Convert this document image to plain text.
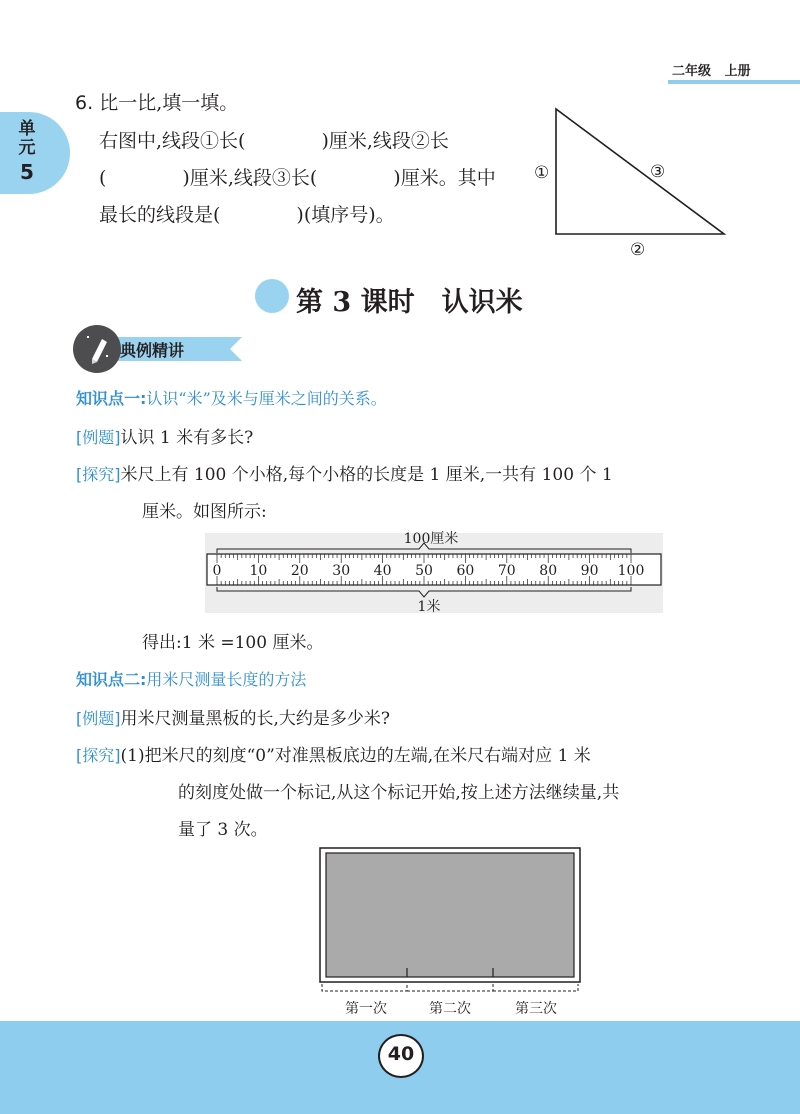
二年级 上册
单元
5
6. 比一比,填一填。
右图中,线段①长(　　　　)厘米,线段②长
(　　　　)厘米,线段③长(　　　　)厘米。其中
最长的线段是(　　　　)(填序号)。
①	③
②
第 3 课时　认识米
典例精讲
知识点一:认识“米”及米与厘米之间的关系。
[例题]认识 1 米有多长?
[探究]米尺上有 100 个小格,每个小格的长度是 1 厘米,一共有 100 个 1
厘米。如图所示:
100厘米
0 10 20 30 40 50 60 70 80 90 100
1米
得出:1 米 =100 厘米。
知识点二:用米尺测量长度的方法
[例题]用米尺测量黑板的长,大约是多少米?
[探究](1)把米尺的刻度“0”对准黑板底边的左端,在米尺右端对应 1 米
的刻度处做一个标记,从这个标记开始,按上述方法继续量,共
量了 3 次。
第一次	第二次	第三次
40
